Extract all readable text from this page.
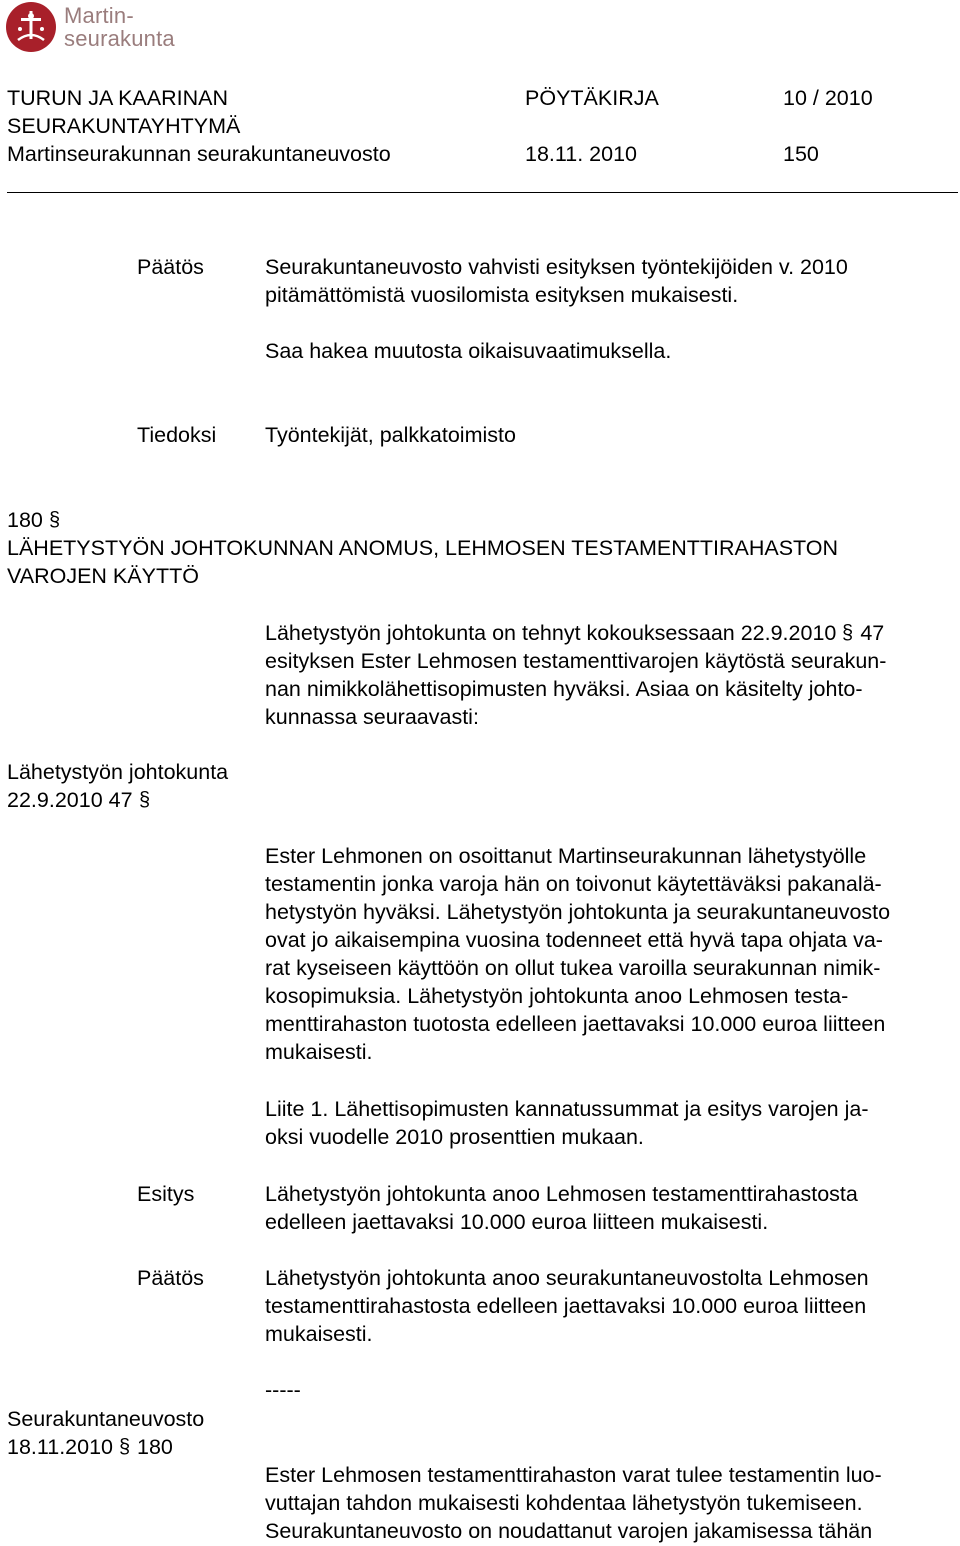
Martin-
seurakunta
TURUN JA KAARINAN
SEURAKUNTAYHTYMÄ
Martinseurakunnan seurakuntaneuvosto
PÖYTÄKIRJA	10 / 2010
18.11. 2010	150
Päätös	Seurakuntaneuvosto vahvisti esityksen työntekijöiden v. 2010
pitämättömistä vuosilomista esityksen mukaisesti.
Saa hakea muutosta oikaisuvaatimuksella.
Tiedoksi Työntekijät, palkkatoimisto
180 §
LÄHETYSTYÖN JOHTOKUNNAN ANOMUS, LEHMOSEN TESTAMENTTIRAHASTON
VAROJEN KÄYTTÖ
Lähetystyön johtokunta on tehnyt kokouksessaan 22.9.2010 § 47
esityksen Ester Lehmosen testamenttivarojen käytöstä seurakun-
nan nimikkolähettisopimusten hyväksi. Asiaa on käsitelty johto-
kunnassa seuraavasti:
Lähetystyön johtokunta
22.9.2010 47 §
Ester Lehmonen on osoittanut Martinseurakunnan lähetystyölle
testamentin jonka varoja hän on toivonut käytettäväksi pakanalä-
hetystyön hyväksi. Lähetystyön johtokunta ja seurakuntaneuvosto
ovat jo aikaisempina vuosina todenneet että hyvä tapa ohjata va-
rat kyseiseen käyttöön on ollut tukea varoilla seurakunnan nimik-
kosopimuksia. Lähetystyön johtokunta anoo Lehmosen testa-
menttirahaston tuotosta edelleen jaettavaksi 10.000 euroa liitteen
mukaisesti.
Liite 1. Lähettisopimusten kannatussummat ja esitys varojen ja-
oksi vuodelle 2010 prosenttien mukaan.
Esitys	Lähetystyön johtokunta anoo Lehmosen testamenttirahastosta
edelleen jaettavaksi 10.000 euroa liitteen mukaisesti.
Päätös	Lähetystyön johtokunta anoo seurakuntaneuvostolta Lehmosen
testamenttirahastosta edelleen jaettavaksi 10.000 euroa liitteen
mukaisesti.
-----
Seurakuntaneuvosto
18.11.2010 § 180
Ester Lehmosen testamenttirahaston varat tulee testamentin luo-
vuttajan tahdon mukaisesti kohdentaa lähetystyön tukemiseen.
Seurakuntaneuvosto on noudattanut varojen jakamisessa tähän
